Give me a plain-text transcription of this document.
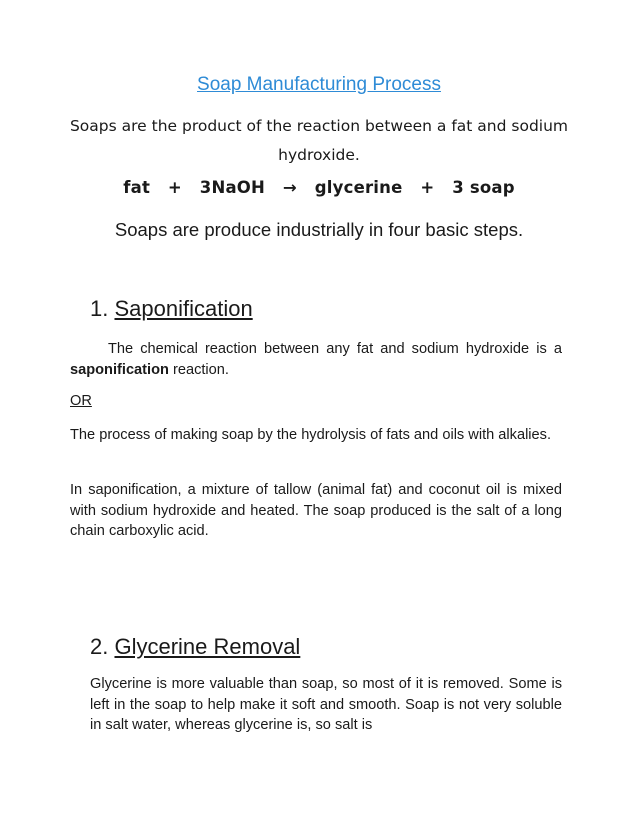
Soap Manufacturing Process

Soaps are the product of the reaction between a fat and sodium hydroxide.

fat + 3NaOH → glycerine + 3 soap

Soaps are produce industrially in four basic steps.

1. Saponification

The chemical reaction between any fat and sodium hydroxide is a saponification reaction.

OR

The process of making soap by the hydrolysis of fats and oils with alkalies.

In saponification, a mixture of tallow (animal fat) and coconut oil is mixed with sodium hydroxide and heated. The soap produced is the salt of a long chain carboxylic acid.

2. Glycerine Removal

Glycerine is more valuable than soap, so most of it is removed. Some is left in the soap to help make it soft and smooth. Soap is not very soluble in salt water, whereas glycerine is, so salt is
